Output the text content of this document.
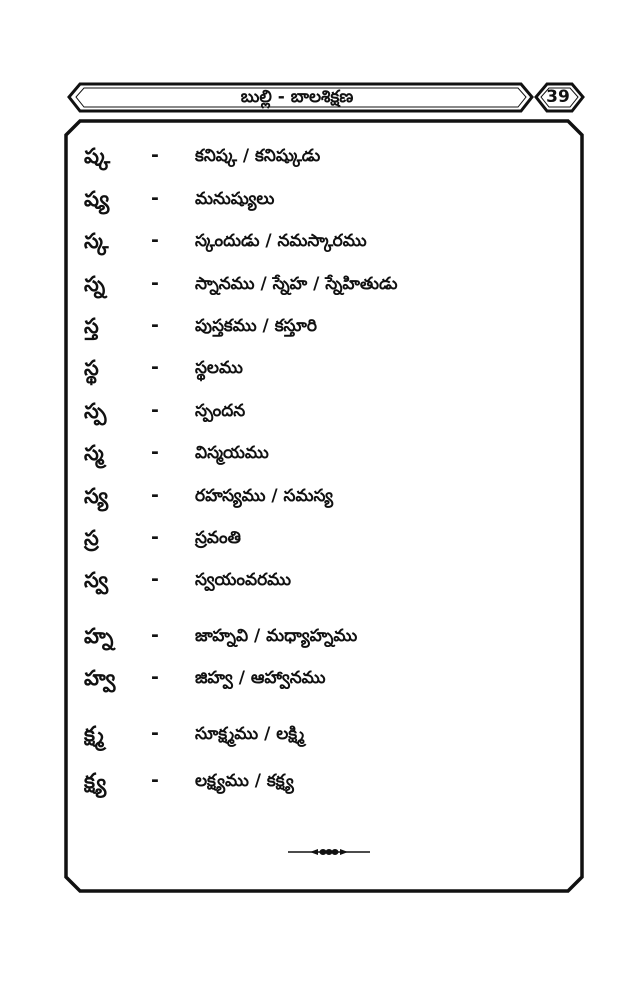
బుల్లి - బాలశిక్షణ	39
ష్క	- కనిష్క / కనిష్కుడు
ష్య	- మనుష్యులు
స్క	- స్కందుడు / నమస్కారము
స్న	- స్నానము / స్నేహ / స్నేహితుడు
స్త	- పుస్తకము / కస్తూరి
స్థ	- స్థలము
స్ప	- స్పందన
స్మ	- విస్మయము
స్య	- రహస్యము / సమస్య
స్ర	- స్రవంతి
స్వ	- స్వయంవరము
హ్న	- జాహ్నవి / మధ్యాహ్నము
హ్వ	- జిహ్వ / ఆహ్వానము
క్ష్మ	- సూక్ష్మము / లక్ష్మి
క్ష్య	- లక్ష్యము / కక్ష్య
